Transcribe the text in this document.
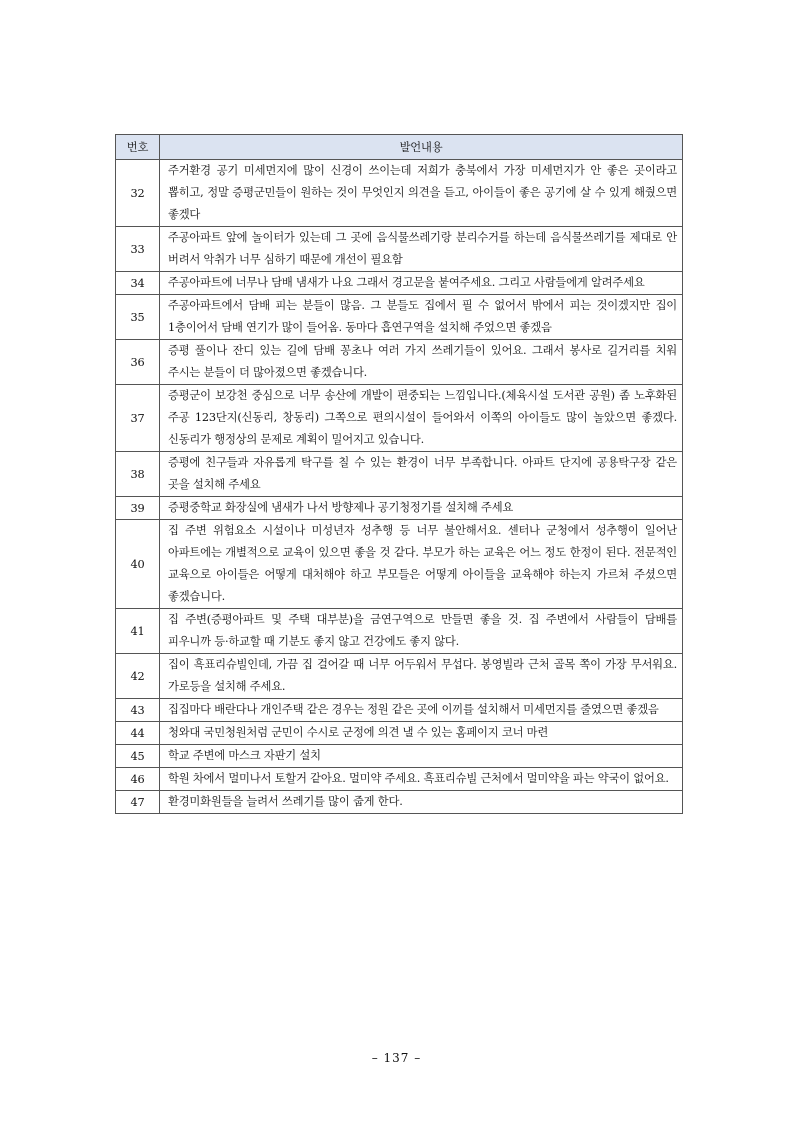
번호	발언내용
32	주거환경 공기 미세먼지에 많이 신경이 쓰이는데 저희가 충북에서 가장 미세먼지가 안 좋은 곳이라고 뽑히고, 정말 증평군민들이 원하는 것이 무엇인지 의견을 듣고, 아이들이 좋은 공기에 살 수 있게 해줬으면 좋겠다
33	주공아파트 앞에 놀이터가 있는데 그 곳에 음식물쓰레기랑 분리수거를 하는데 음식물쓰레기를 제대로 안 버려서 악취가 너무 심하기 때문에 개선이 필요함
34	주공아파트에 너무나 담배 냄새가 나요 그래서 경고문을 붙여주세요. 그리고 사람들에게 알려주세요
35	주공아파트에서 담배 피는 분들이 많음. 그 분들도 집에서 필 수 없어서 밖에서 피는 것이겠지만 집이 1층이어서 담배 연기가 많이 들어옴. 동마다 흡연구역을 설치해 주었으면 좋겠음
36	증평 풀이나 잔디 있는 길에 담배 꽁초나 여러 가지 쓰레기들이 있어요. 그래서 봉사로 길거리를 치워 주시는 분들이 더 많아졌으면 좋겠습니다.
37	증평군이 보강천 중심으로 너무 송산에 개발이 편중되는 느낌입니다.(체육시설 도서관 공원) 좀 노후화된 주공 123단지(신동리, 창동리) 그쪽으로 편의시설이 들어와서 이쪽의 아이들도 많이 놀았으면 좋겠다. 신동리가 행정상의 문제로 계획이 밀어지고 있습니다.
38	증평에 친구들과 자유롭게 탁구를 칠 수 있는 환경이 너무 부족합니다. 아파트 단지에 공용탁구장 같은 곳을 설치해 주세요
39	증평중학교 화장실에 냄새가 나서 방향제나 공기청정기를 설치해 주세요
40	집 주변 위험요소 시설이나 미성년자 성추행 등 너무 불안해서요. 센터나 군청에서 성추행이 일어난 아파트에는 개별적으로 교육이 있으면 좋을 것 같다. 부모가 하는 교육은 어느 정도 한정이 된다. 전문적인 교육으로 아이들은 어떻게 대처해야 하고 부모들은 어떻게 아이들을 교육해야 하는지 가르쳐 주셨으면 좋겠습니다.
41	집 주변(증평아파트 및 주택 대부분)을 금연구역으로 만들면 좋을 것. 집 주변에서 사람들이 담배를 피우니까 등·하교할 때 기분도 좋지 않고 건강에도 좋지 않다.
42	집이 흑표리슈빌인데, 가끔 집 걸어갈 때 너무 어두워서 무섭다. 봉영빌라 근처 골목 쪽이 가장 무서워요. 가로등을 설치해 주세요.
43	집집마다 배란다나 개인주택 같은 경우는 정원 같은 곳에 이끼를 설치해서 미세먼지를 줄였으면 좋겠음
44	청와대 국민청원처럼 군민이 수시로 군정에 의견 낼 수 있는 홈페이지 코너 마련
45	학교 주변에 마스크 자판기 설치
46	학원 차에서 멀미나서 토할거 같아요. 멀미약 주세요. 흑표리슈빌 근처에서 멀미약을 파는 약국이 없어요.
47	환경미화원들을 늘려서 쓰레기를 많이 줍게 한다.
– 137 –
